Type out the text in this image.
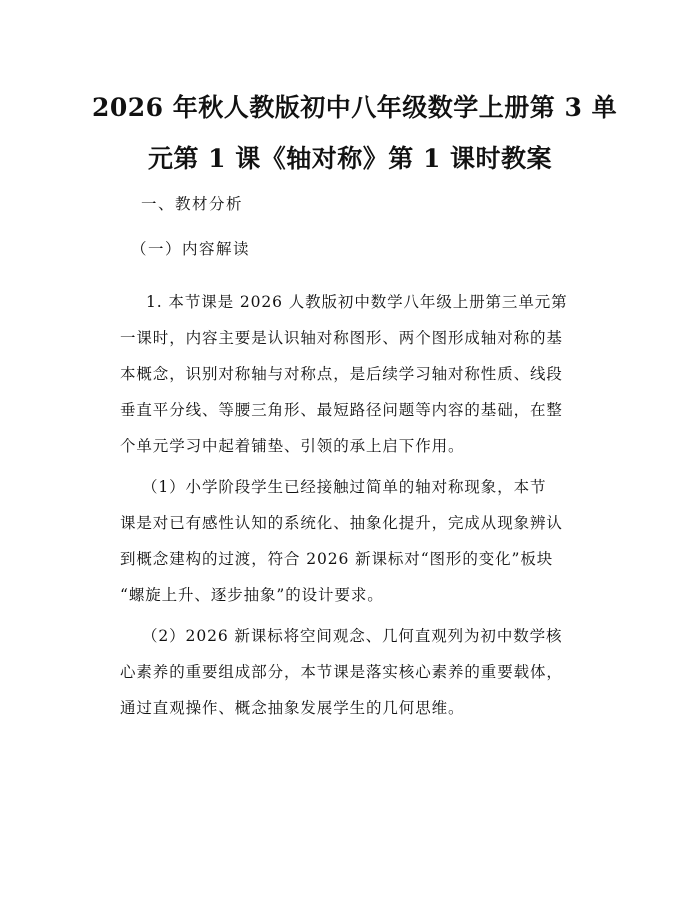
2026 年秋人教版初中八年级数学上册第 3 单
元第 1 课《轴对称》第 1 课时教案
一、教材分析
（一）内容解读
1. 本节课是 2026 人教版初中数学八年级上册第三单元第
一课时，内容主要是认识轴对称图形、两个图形成轴对称的基
本概念，识别对称轴与对称点，是后续学习轴对称性质、线段
垂直平分线、等腰三角形、最短路径问题等内容的基础，在整
个单元学习中起着铺垫、引领的承上启下作用。
（1）小学阶段学生已经接触过简单的轴对称现象，本节
课是对已有感性认知的系统化、抽象化提升，完成从现象辨认
到概念建构的过渡，符合 2026 新课标对“图形的变化”板块
“螺旋上升、逐步抽象”的设计要求。
（2）2026 新课标将空间观念、几何直观列为初中数学核
心素养的重要组成部分，本节课是落实核心素养的重要载体，
通过直观操作、概念抽象发展学生的几何思维。
